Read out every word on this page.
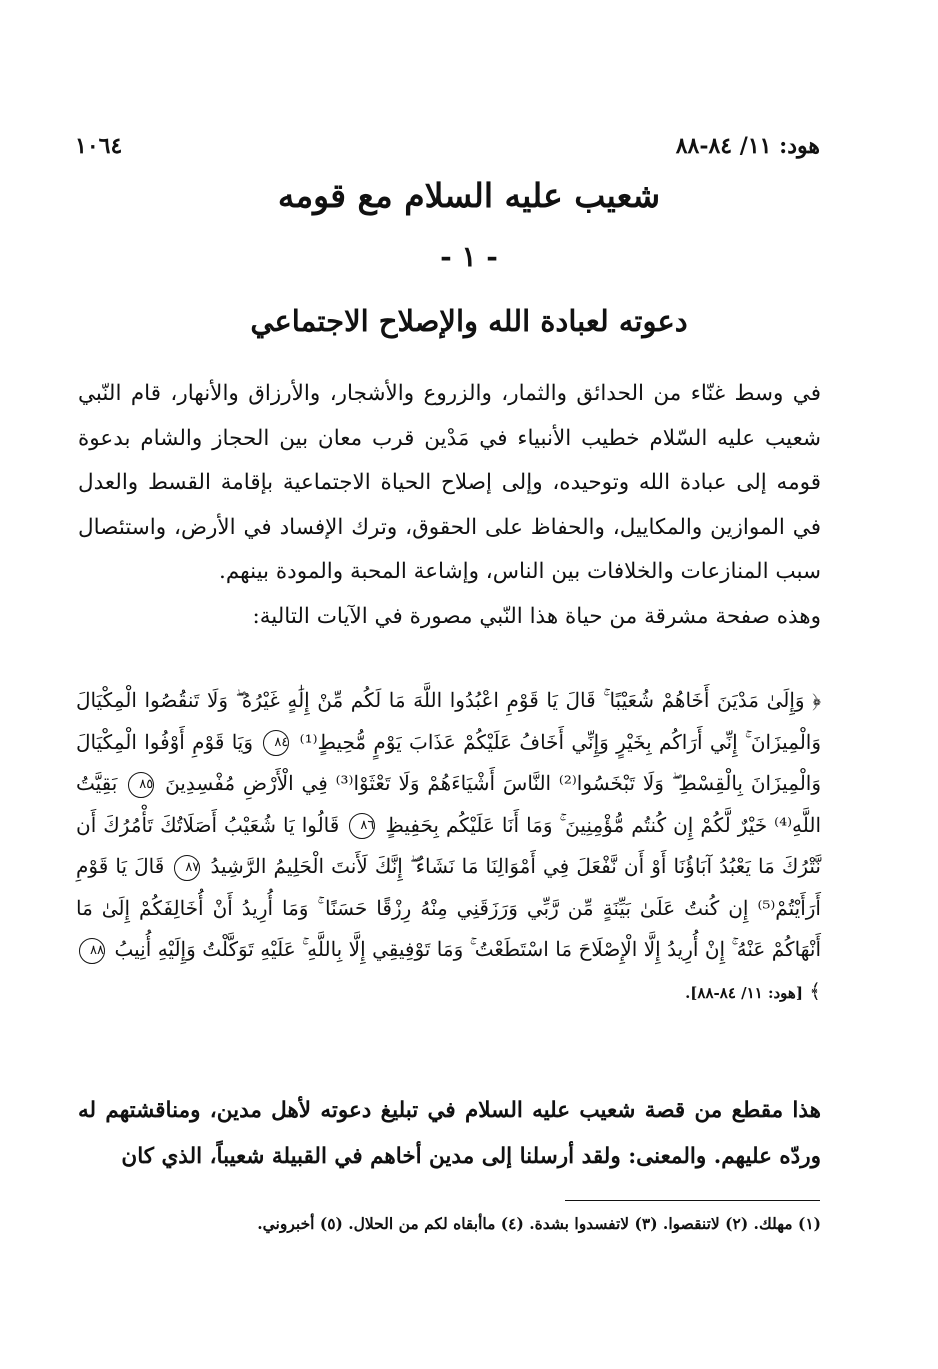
هود: ١١/ ٨٤-٨٨
١٠٦٤
شعيب عليه السلام مع قومه
- ١ -
دعوته لعبادة الله والإصلاح الاجتماعي

في وسط غنّاء من الحدائق والثمار، والزروع والأشجار، والأرزاق والأنهار، قام النّبي شعيب عليه السّلام خطيب الأنبياء في مَدْين قرب معان بين الحجاز والشام بدعوة قومه إلى عبادة الله وتوحيده، وإلى إصلاح الحياة الاجتماعية بإقامة القسط والعدل في الموازين والمكاييل، والحفاظ على الحقوق، وترك الإفساد في الأرض، واستئصال سبب المنازعات والخلافات بين الناس، وإشاعة المحبة والمودة بينهم.

وهذه صفحة مشرقة من حياة هذا النّبي مصورة في الآيات التالية:

﴿ وَإِلَىٰ مَدْيَنَ أَخَاهُمْ شُعَيْبًا ۚ قَالَ يَا قَوْمِ اعْبُدُوا اللَّهَ مَا لَكُم مِّنْ إِلَٰهٍ غَيْرُهُ ۖ وَلَا تَنقُصُوا الْمِكْيَالَ وَالْمِيزَانَ ۚ إِنِّي أَرَاكُم بِخَيْرٍ وَإِنِّي أَخَافُ عَلَيْكُمْ عَذَابَ يَوْمٍ مُّحِيطٍ⁽¹⁾ ٨٤ وَيَا قَوْمِ أَوْفُوا الْمِكْيَالَ وَالْمِيزَانَ بِالْقِسْطِ ۖ وَلَا تَبْخَسُوا⁽²⁾ النَّاسَ أَشْيَاءَهُمْ وَلَا تَعْثَوْا⁽³⁾ فِي الْأَرْضِ مُفْسِدِينَ ٨٥ بَقِيَّتُ اللَّهِ⁽⁴⁾ خَيْرٌ لَّكُمْ إِن كُنتُم مُّؤْمِنِينَ ۚ وَمَا أَنَا عَلَيْكُم بِحَفِيظٍ ٨٦ قَالُوا يَا شُعَيْبُ أَصَلَاتُكَ تَأْمُرُكَ أَن نَّتْرُكَ مَا يَعْبُدُ آبَاؤُنَا أَوْ أَن نَّفْعَلَ فِي أَمْوَالِنَا مَا نَشَاءُ ۖ إِنَّكَ لَأَنتَ الْحَلِيمُ الرَّشِيدُ ٨٧ قَالَ يَا قَوْمِ أَرَأَيْتُمْ⁽⁵⁾ إِن كُنتُ عَلَىٰ بَيِّنَةٍ مِّن رَّبِّي وَرَزَقَنِي مِنْهُ رِزْقًا حَسَنًا ۚ وَمَا أُرِيدُ أَنْ أُخَالِفَكُمْ إِلَىٰ مَا أَنْهَاكُمْ عَنْهُ ۚ إِنْ أُرِيدُ إِلَّا الْإِصْلَاحَ مَا اسْتَطَعْتُ ۚ وَمَا تَوْفِيقِي إِلَّا بِاللَّهِ ۚ عَلَيْهِ تَوَكَّلْتُ وَإِلَيْهِ أُنِيبُ ٨٨ ﴾ [هود: ١١/ ٨٤-٨٨].
هذا مقطع من قصة شعيب عليه السلام في تبليغ دعوته لأهل مدين، ومناقشتهم له وردّه عليهم. والمعنى: ولقد أرسلنا إلى مدين أخاهم في القبيلة شعيباً، الذي كان
(١) مهلك. (٢) لاتنقصوا. (٣) لاتفسدوا بشدة. (٤) ماأبقاه لكم من الحلال. (٥) أخبروني.
